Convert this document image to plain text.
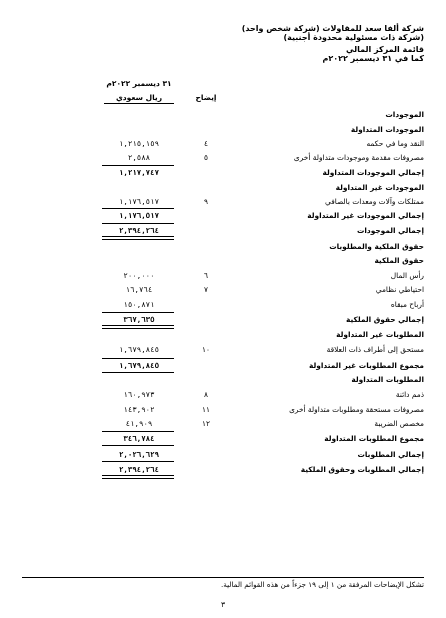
شركة ألفا سعد للمقاولات (شركة شخص واحد)
(شركة ذات مسئولية محدودة أجنبية)
قائمة المركز المالي
كما في ٣١ ديسمبر ٢٠٢٢م
٣١ ديسمبر ٢٠٢٢م
ريال سعودي	إيضاح
الموجودات
الموجودات المتداولة
النقد وما في حكمه
٤
١,٢١٥,١٥٩
مصروفات مقدمة وموجودات متداولة أخرى
٥
٢,٥٨٨
إجمالي الموجودات المتداولة
١,٢١٧,٧٤٧
الموجودات غير المتداولة
ممتلكات وآلات ومعدات بالصافي
٩
١,١٧٦,٥١٧
إجمالي الموجودات غير المتداولة
١,١٧٦,٥١٧
إجمالي الموجودات
٢,٣٩٤,٢٦٤
حقوق الملكية والمطلوبات
حقوق الملكية
رأس المال
٦
٢٠٠,٠٠٠
احتياطي نظامي
٧
١٦,٧٦٤
أرباح مبقاه
١٥٠,٨٧١
إجمالي حقوق الملكية
٣٦٧,٦٣٥
المطلوبات غير المتداولة
مستحق إلى أطراف ذات العلاقة
١٠
١,٦٧٩,٨٤٥
مجموع المطلوبات غير المتداولة
١,٦٧٩,٨٤٥
المطلوبات المتداولة
ذمم دائنة
٨
١٦٠,٩٧٣
مصروفات مستحقة ومطلوبات متداولة أخرى
١١
١٤٣,٩٠٢
مخصص الضريبة
١٢
٤١,٩٠٩
مجموع المطلوبات المتداولة
٣٤٦,٧٨٤
إجمالي المطلوبات
٢,٠٢٦,٦٢٩
إجمالي المطلوبات وحقوق الملكية
٢,٣٩٤,٢٦٤
تشكل الإيضاحات المرفقة من ١ إلى ١٩ جزءاً من هذه القوائم المالية.
٣
